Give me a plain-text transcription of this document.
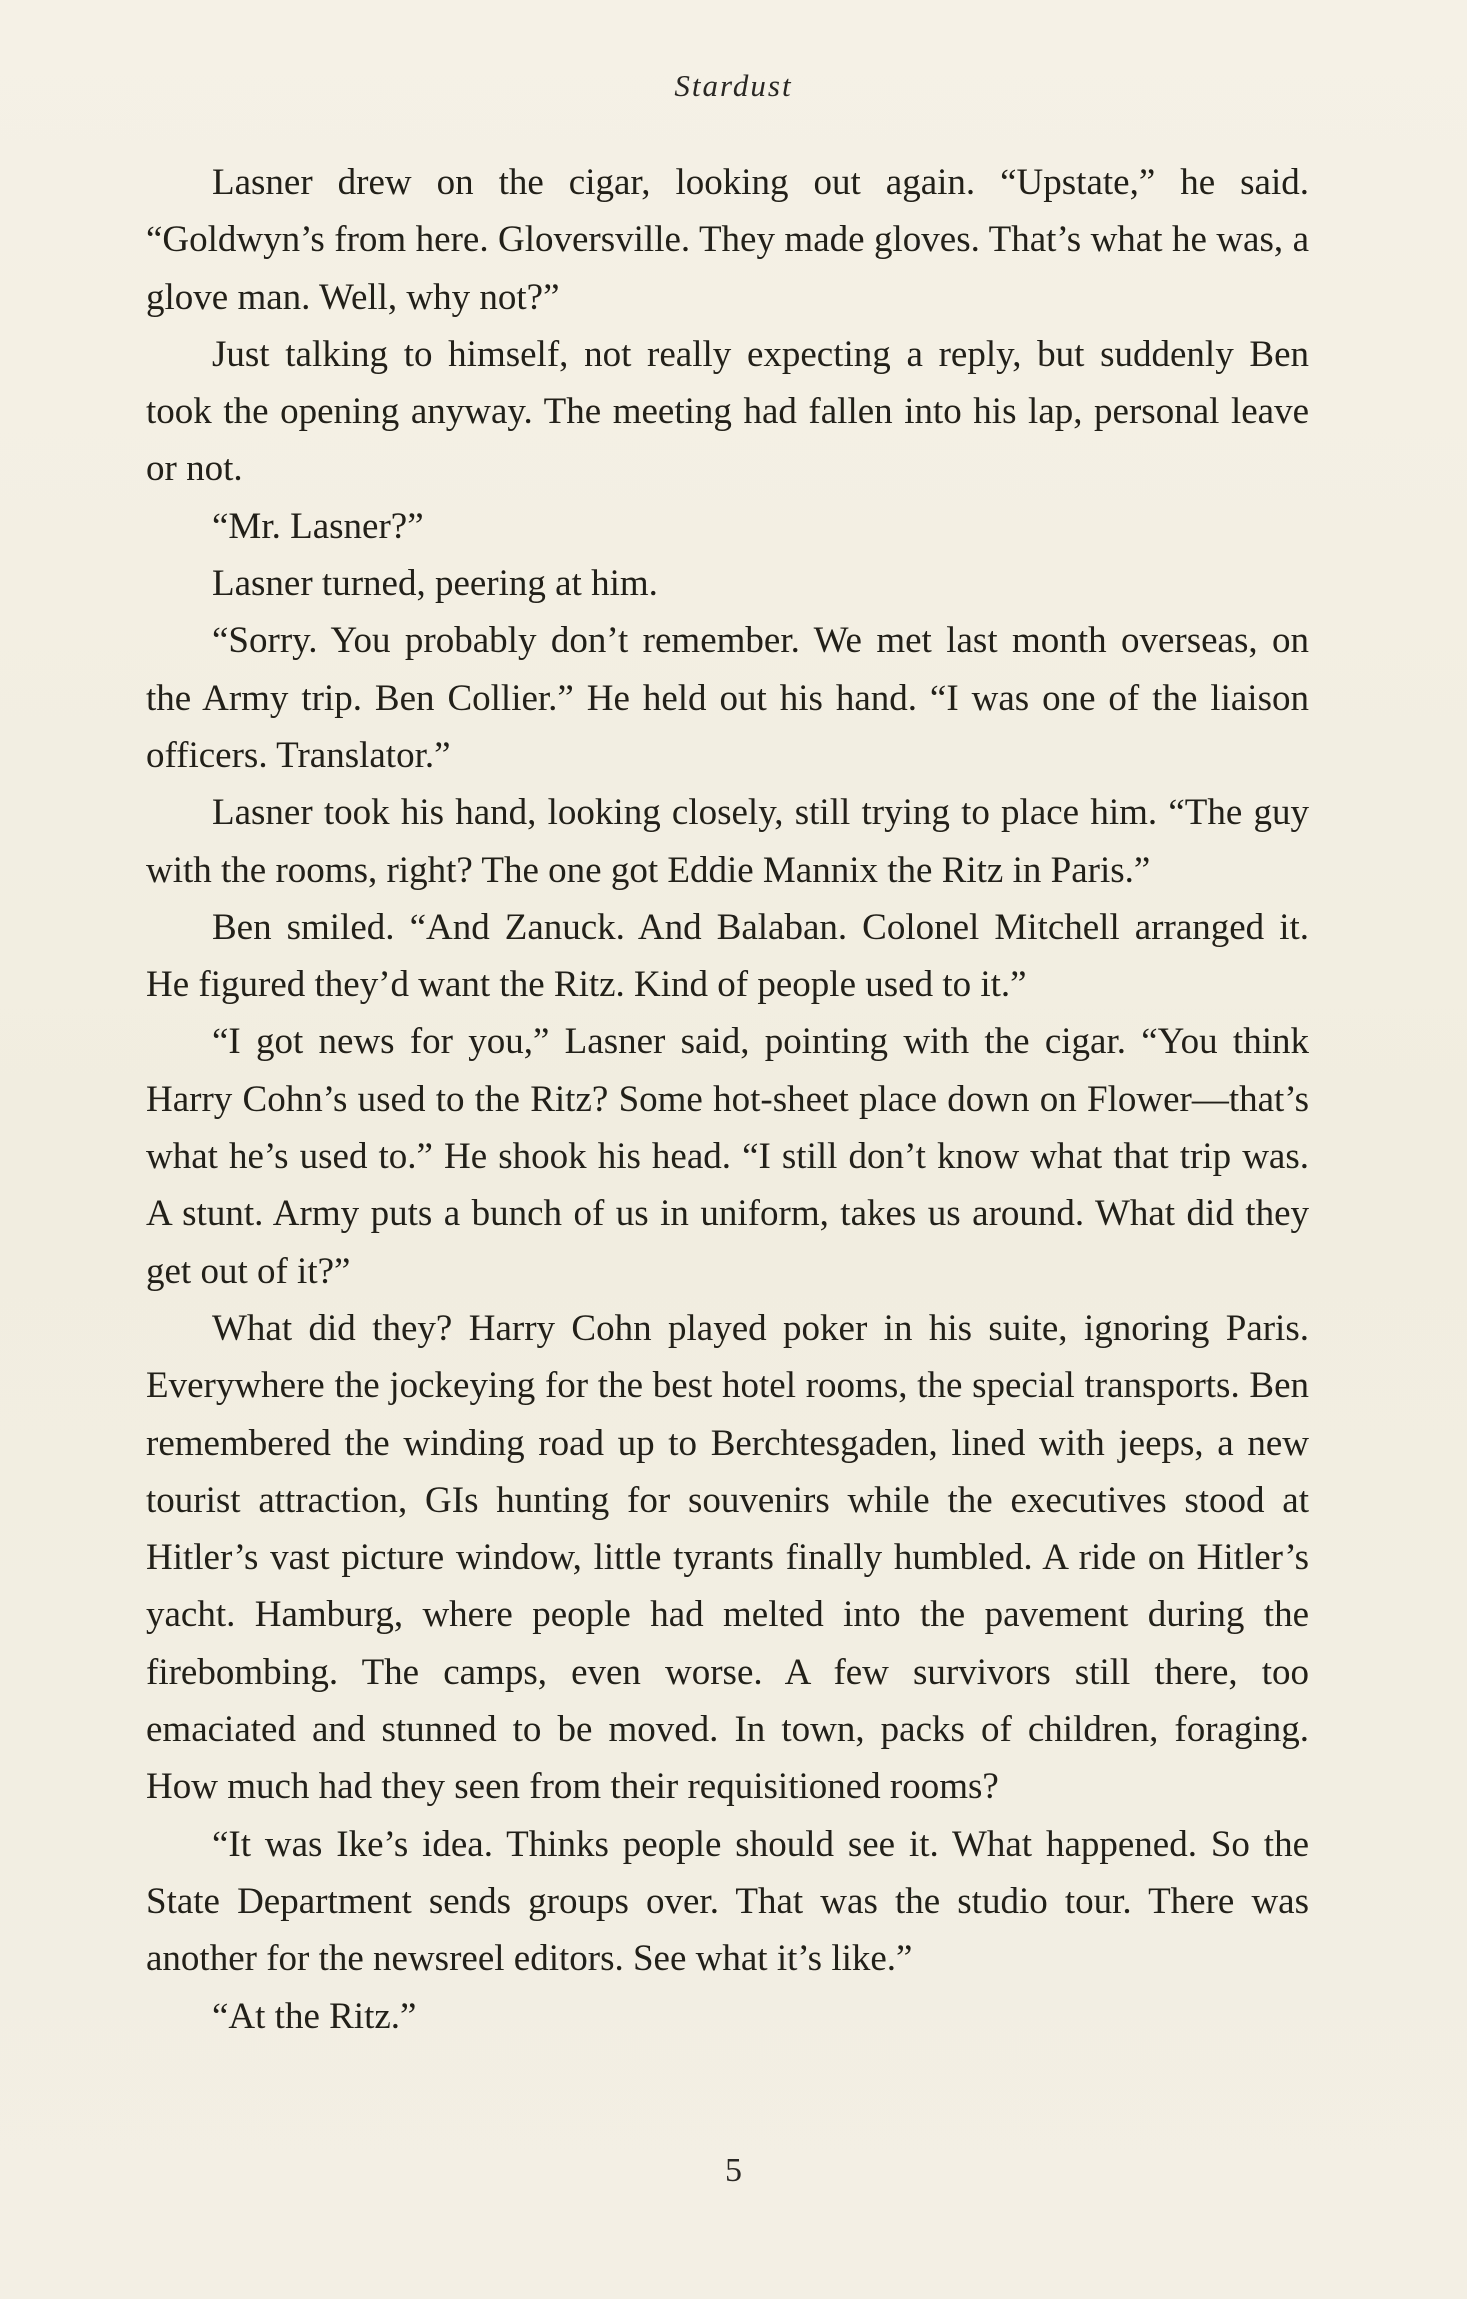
Stardust

Lasner drew on the cigar, looking out again. “Upstate,” he said. “Goldwyn’s from here. Gloversville. They made gloves. That’s what he was, a glove man. Well, why not?”

Just talking to himself, not really expecting a reply, but suddenly Ben took the opening anyway. The meeting had fallen into his lap, personal leave or not.

“Mr. Lasner?”

Lasner turned, peering at him.

“Sorry. You probably don’t remember. We met last month overseas, on the Army trip. Ben Collier.” He held out his hand. “I was one of the liaison officers. Translator.”

Lasner took his hand, looking closely, still trying to place him. “The guy with the rooms, right? The one got Eddie Mannix the Ritz in Paris.”

Ben smiled. “And Zanuck. And Balaban. Colonel Mitchell arranged it. He figured they’d want the Ritz. Kind of people used to it.”

“I got news for you,” Lasner said, pointing with the cigar. “You think Harry Cohn’s used to the Ritz? Some hot-sheet place down on Flower—that’s what he’s used to.” He shook his head. “I still don’t know what that trip was. A stunt. Army puts a bunch of us in uniform, takes us around. What did they get out of it?”

What did they? Harry Cohn played poker in his suite, ignoring Paris. Everywhere the jockeying for the best hotel rooms, the special transports. Ben remembered the winding road up to Berchtesgaden, lined with jeeps, a new tourist attraction, GIs hunting for souvenirs while the executives stood at Hitler’s vast picture window, little tyrants finally humbled. A ride on Hitler’s yacht. Hamburg, where people had melted into the pavement during the firebombing. The camps, even worse. A few survivors still there, too emaciated and stunned to be moved. In town, packs of children, foraging. How much had they seen from their requisitioned rooms?

“It was Ike’s idea. Thinks people should see it. What happened. So the State Department sends groups over. That was the studio tour. There was another for the newsreel editors. See what it’s like.”

“At the Ritz.”

5
